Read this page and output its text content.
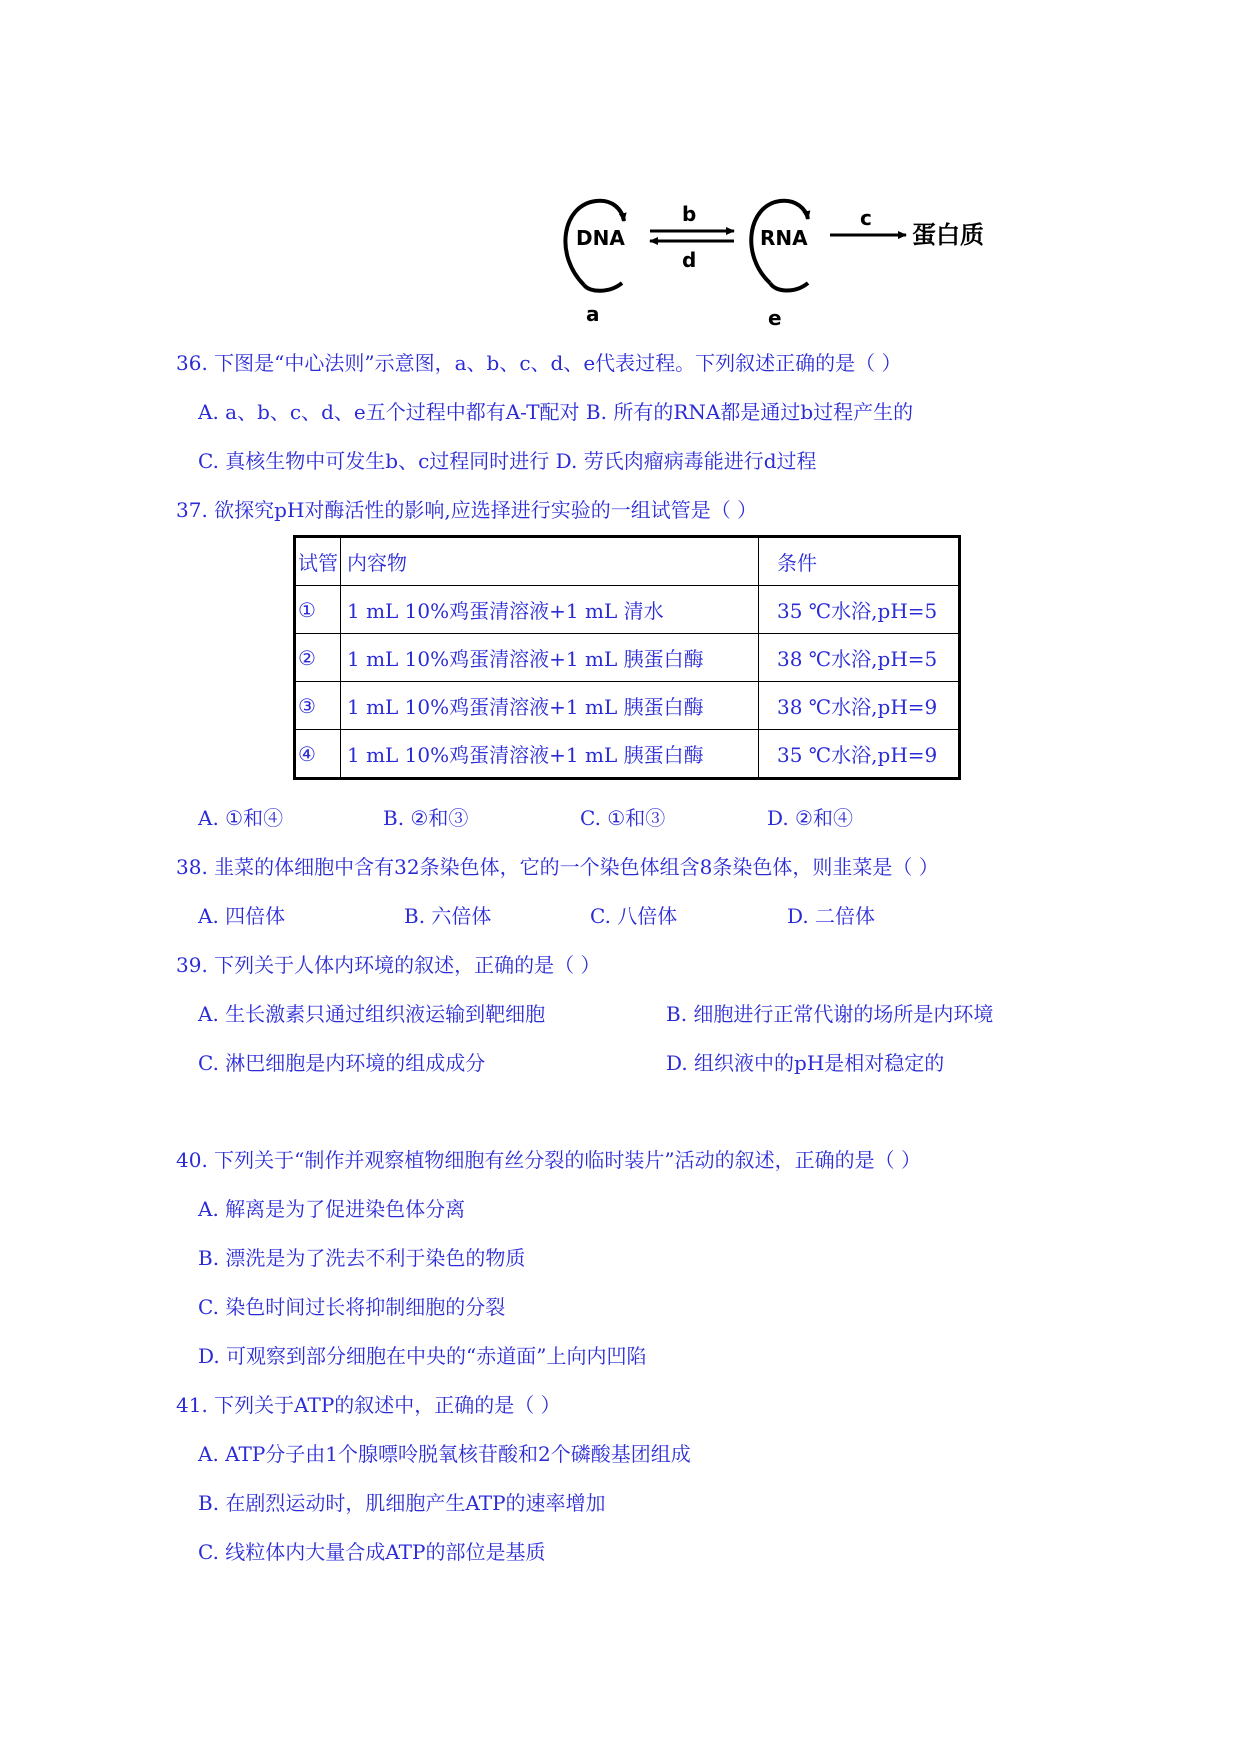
DNA
a
b
d
RNA
e
c
蛋白质
36. 下图是“中心法则”示意图，a、b、c、d、e代表过程。下列叙述正确的是（ ）
A. a、b、c、d、e五个过程中都有A-T配对 B. 所有的RNA都是通过b过程产生的
C. 真核生物中可发生b、c过程同时进行 D. 劳氏肉瘤病毒能进行d过程
37. 欲探究pH对酶活性的影响,应选择进行实验的一组试管是（ ）
试管	内容物	条件
①	1 mL 10%鸡蛋清溶液+1 mL 清水	35 ℃水浴,pH=5
②	1 mL 10%鸡蛋清溶液+1 mL 胰蛋白酶	38 ℃水浴,pH=5
③	1 mL 10%鸡蛋清溶液+1 mL 胰蛋白酶	38 ℃水浴,pH=9
④	1 mL 10%鸡蛋清溶液+1 mL 胰蛋白酶	35 ℃水浴,pH=9
A. ①和④	B. ②和③	C. ①和③	D. ②和④
38. 韭菜的体细胞中含有32条染色体，它的一个染色体组含8条染色体，则韭菜是（ ）
A. 四倍体	B. 六倍体	C. 八倍体	D. 二倍体
39. 下列关于人体内环境的叙述，正确的是（ ）
A. 生长激素只通过组织液运输到靶细胞	B. 细胞进行正常代谢的场所是内环境
C. 淋巴细胞是内环境的组成成分	D. 组织液中的pH是相对稳定的
40. 下列关于“制作并观察植物细胞有丝分裂的临时装片”活动的叙述，正确的是（ ）
A. 解离是为了促进染色体分离
B. 漂洗是为了洗去不利于染色的物质
C. 染色时间过长将抑制细胞的分裂
D. 可观察到部分细胞在中央的“赤道面”上向内凹陷
41. 下列关于ATP的叙述中，正确的是（ ）
A. ATP分子由1个腺嘌呤脱氧核苷酸和2个磷酸基团组成
B. 在剧烈运动时，肌细胞产生ATP的速率增加
C. 线粒体内大量合成ATP的部位是基质
